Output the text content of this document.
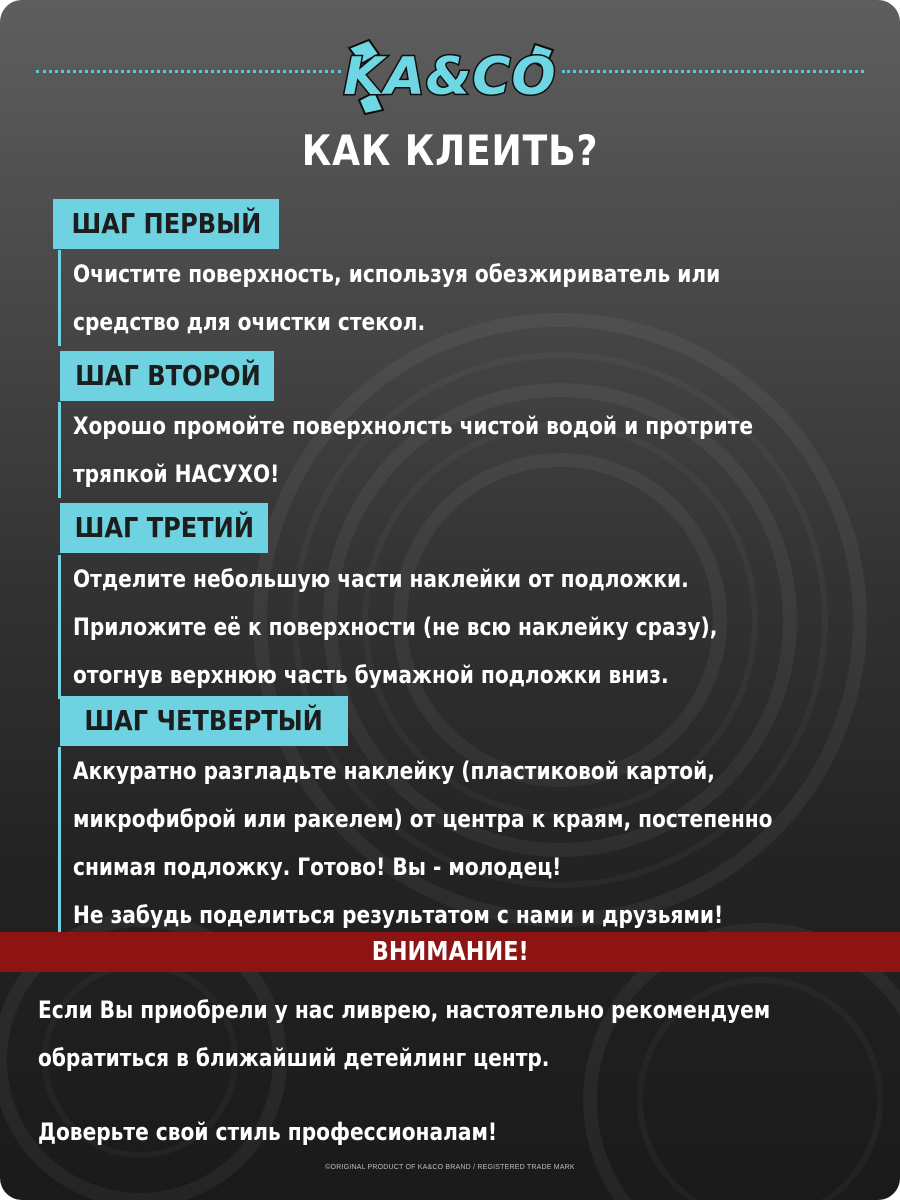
KA&CO
КАК КЛЕИТЬ?
ШАГ ПЕРВЫЙ
Очистите поверхность, используя обезжириватель или
средство для очистки стекол.
ШАГ ВТОРОЙ
Хорошо промойте поверхнолсть чистой водой и протрите
тряпкой НАСУХО!
ШАГ ТРЕТИЙ
Отделите небольшую части наклейки от подложки.
Приложите её к поверхности (не всю наклейку сразу),
отогнув верхнюю часть бумажной подложки вниз.
ШАГ ЧЕТВЕРТЫЙ
Аккуратно разгладьте наклейку (пластиковой картой,
микрофиброй или ракелем) от центра к краям, постепенно
снимая подложку. Готово! Вы - молодец!
Не забудь поделиться результатом с нами и друзьями!
ВНИМАНИЕ!
Если Вы приобрели у нас ливрею, настоятельно рекомендуем
обратиться в ближайший детейлинг центр.
Доверьте свой стиль профессионалам!
©ORIGINAL PRODUCT OF KA&CO BRAND / REGISTERED TRADE MARK
